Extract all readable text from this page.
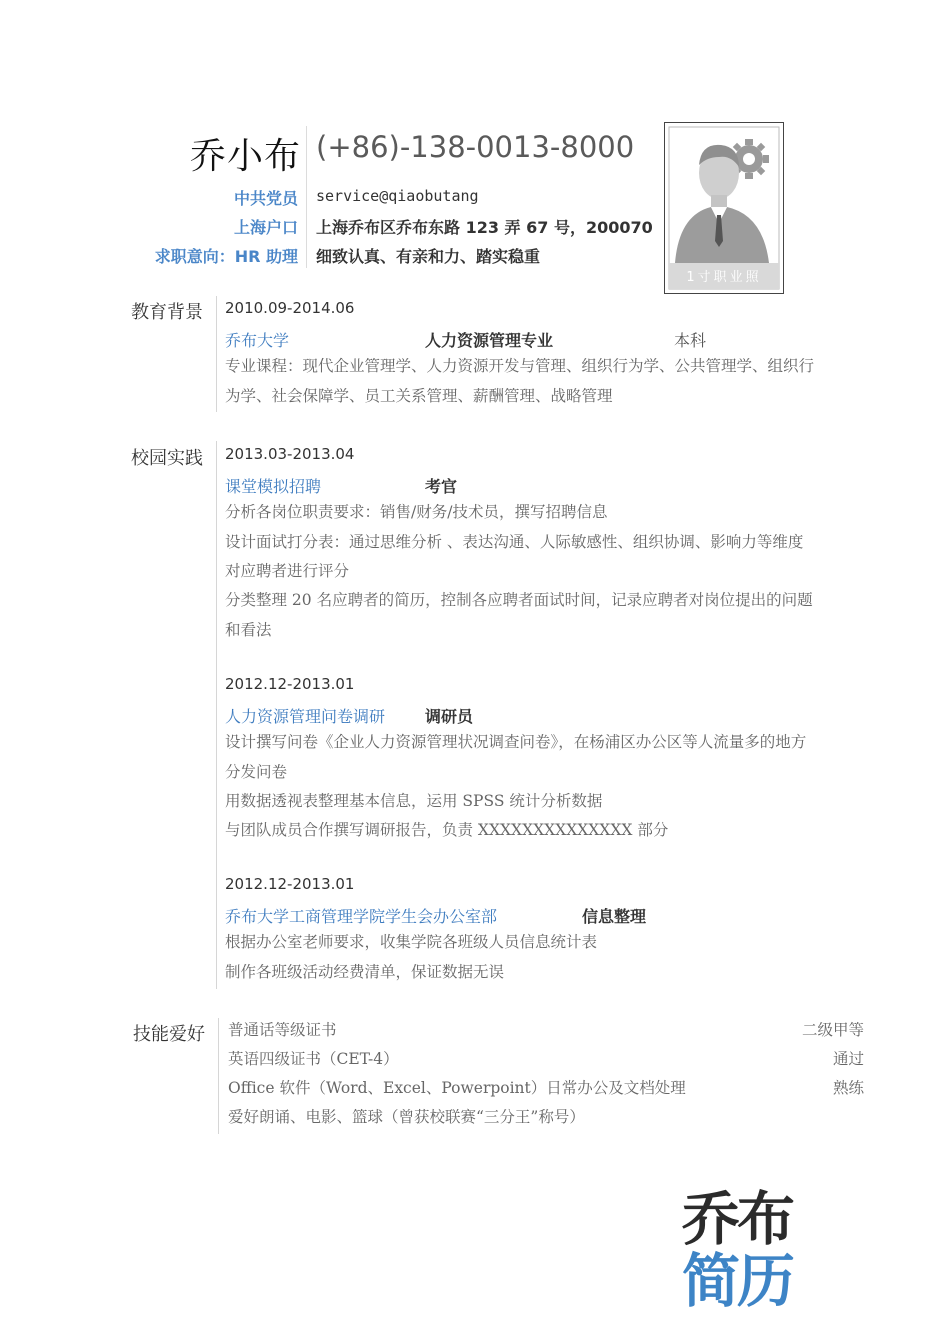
乔小布 (+86)-138-0013-8000
中共党员 service@qiaobutang
上海户口 上海乔布区乔布东路 123 弄 67 号，200070
求职意向：HR 助理 细致认真、有亲和力、踏实稳重
1寸职业照
教育背景 2010.09-2014.06
乔布大学	人力资源管理专业	本科
专业课程：现代企业管理学、人力资源开发与管理、组织行为学、公共管理学、组织行
为学、社会保障学、员工关系管理、薪酬管理、战略管理
校园实践 2013.03-2013.04
课堂模拟招聘	考官
分析各岗位职责要求：销售/财务/技术员，撰写招聘信息
设计面试打分表：通过思维分析 、表达沟通、人际敏感性、组织协调、影响力等维度
对应聘者进行评分
分类整理 20 名应聘者的简历，控制各应聘者面试时间，记录应聘者对岗位提出的问题
和看法
2012.12-2013.01
人力资源管理问卷调研 调研员
设计撰写问卷《企业人力资源管理状况调查问卷》，在杨浦区办公区等人流量多的地方
分发问卷
用数据透视表整理基本信息，运用 SPSS 统计分析数据
与团队成员合作撰写调研报告，负责 XXXXXXXXXXXXXX 部分
2012.12-2013.01
乔布大学工商管理学院学生会办公室部	信息整理
根据办公室老师要求，收集学院各班级人员信息统计表
制作各班级活动经费清单，保证数据无误
技能爱好 普通话等级证书	二级甲等
英语四级证书（CET-4）	通过
Office 软件（Word、Excel、Powerpoint）日常办公及文档处理	熟练
爱好朗诵、电影、篮球（曾获校联赛“三分王”称号）
乔布
简历
